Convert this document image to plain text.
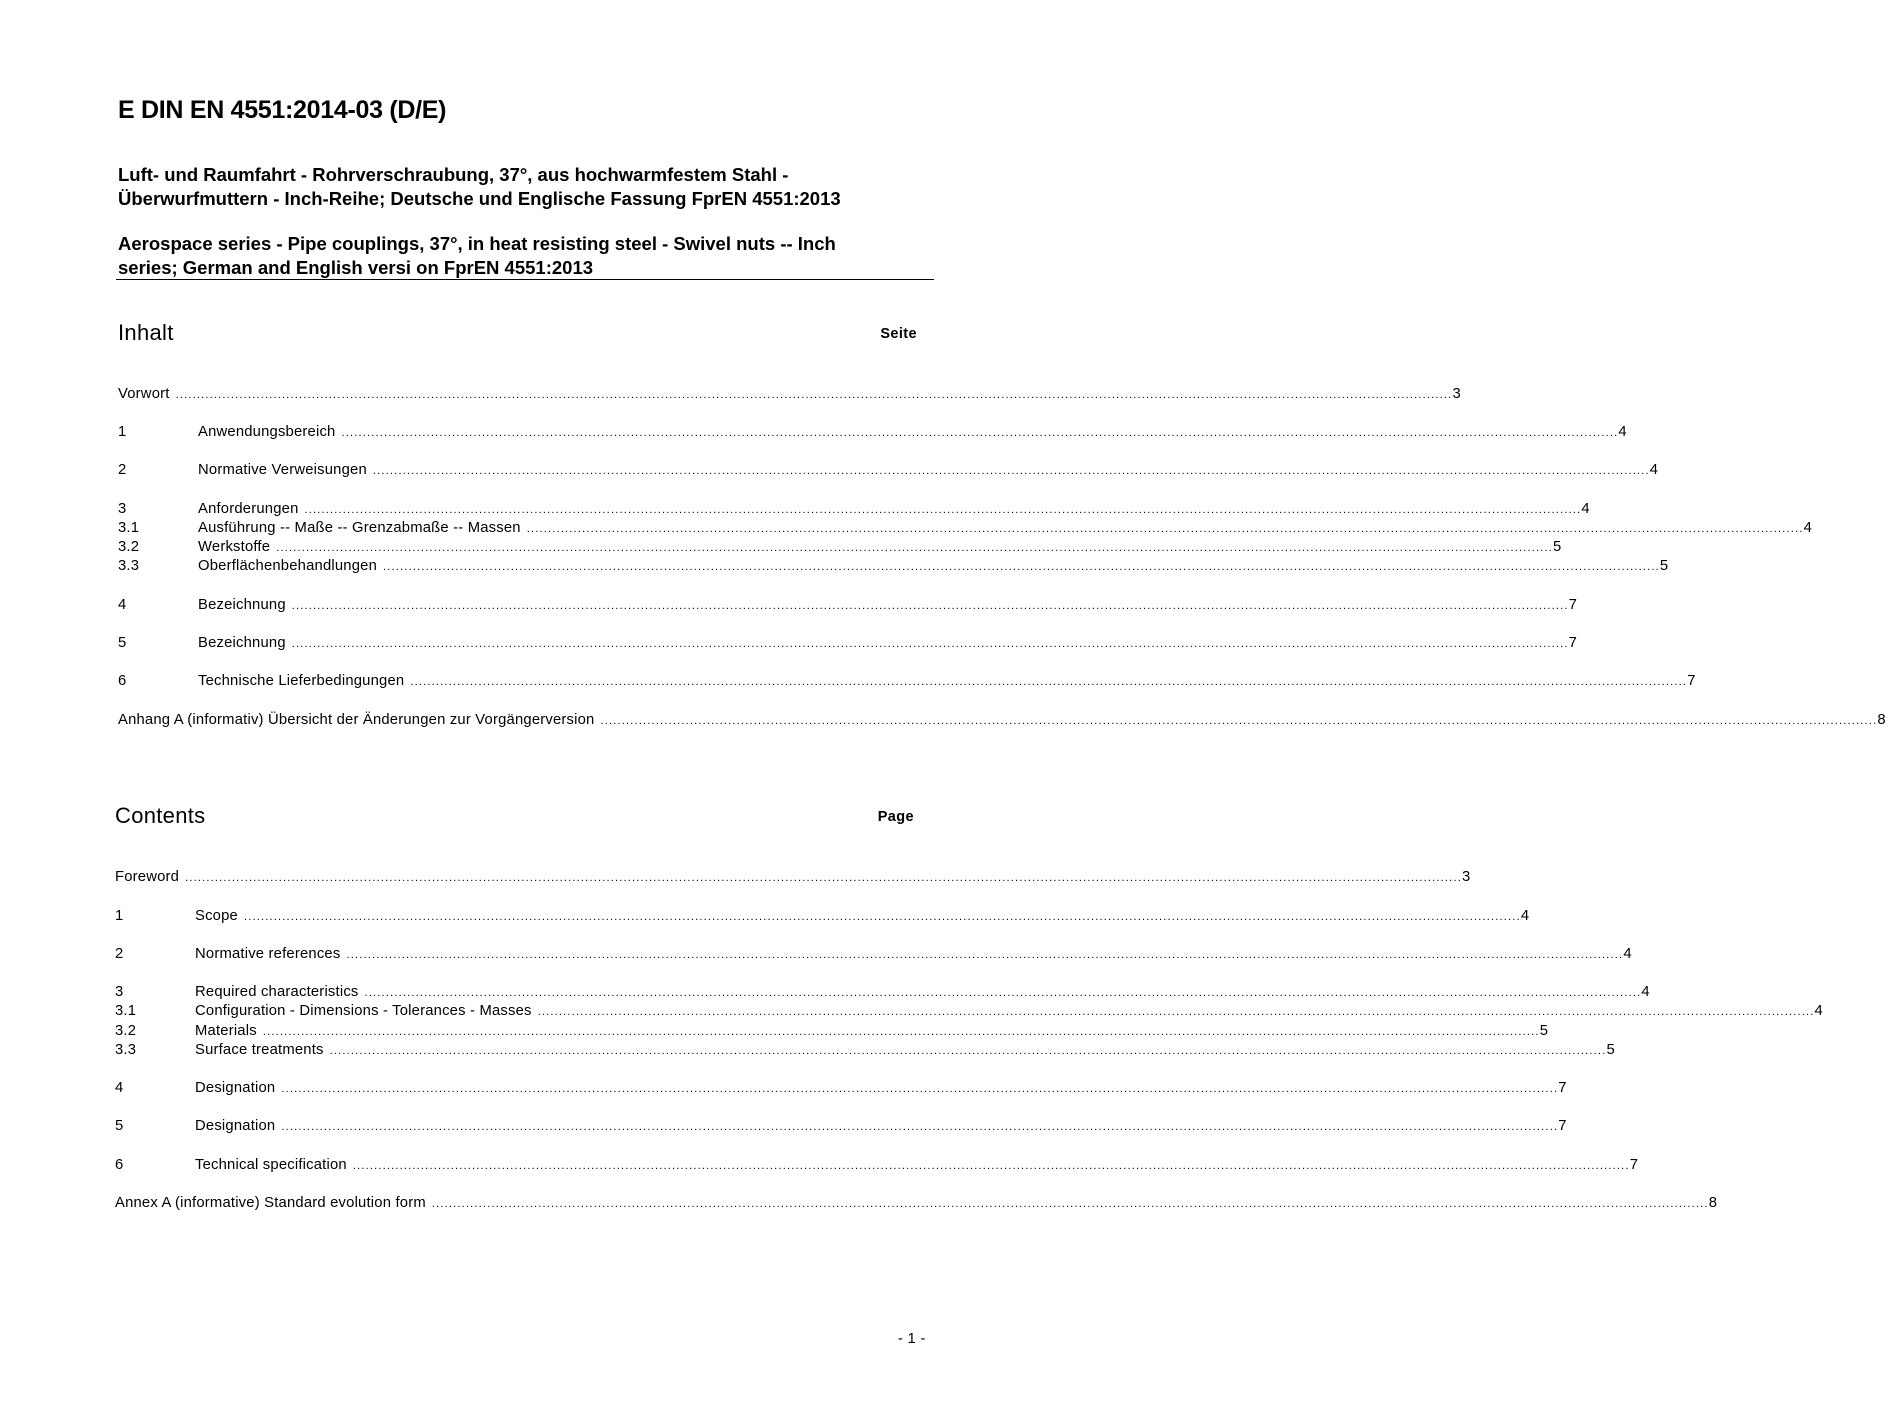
E DIN EN 4551:2014-03 (D/E)
Luft- und Raumfahrt - Rohrverschraubung, 37°, aus hochwarmfestem Stahl -
Überwurfmuttern - Inch-Reihe; Deutsche und Englische Fassung FprEN 4551:2013
Aerospace series - Pipe couplings, 37°, in heat resisting steel - Swivel nuts -- Inch
series; German and English versi on FprEN 4551:2013
Inhalt	Seite
Vorwort ............................................................................................................................................................................................................................................................................................................ 3
1	Anwendungsbereich ............................................................................................................................................................................................................................................................................................................ 4
2	Normative Verweisungen ............................................................................................................................................................................................................................................................................................................ 4
3	Anforderungen ............................................................................................................................................................................................................................................................................................................ 4
3.1	Ausführung -- Maße -- Grenzabmaße -- Massen ............................................................................................................................................................................................................................................................................................................ 4
3.2	Werkstoffe ............................................................................................................................................................................................................................................................................................................ 5
3.3	Oberflächenbehandlungen ............................................................................................................................................................................................................................................................................................................ 5
4	Bezeichnung ............................................................................................................................................................................................................................................................................................................ 7
5	Bezeichnung ............................................................................................................................................................................................................................................................................................................ 7
6	Technische Lieferbedingungen ............................................................................................................................................................................................................................................................................................................ 7
Anhang A (informativ) Übersicht der Änderungen zur Vorgängerversion ............................................................................................................................................................................................................................................................................................................ 8
Contents	Page
Foreword ............................................................................................................................................................................................................................................................................................................ 3
1	Scope ............................................................................................................................................................................................................................................................................................................ 4
2	Normative references ............................................................................................................................................................................................................................................................................................................ 4
3	Required characteristics ............................................................................................................................................................................................................................................................................................................ 4
3.1	Configuration - Dimensions - Tolerances - Masses ............................................................................................................................................................................................................................................................................................................ 4
3.2	Materials ............................................................................................................................................................................................................................................................................................................ 5
3.3	Surface treatments ............................................................................................................................................................................................................................................................................................................ 5
4	Designation ............................................................................................................................................................................................................................................................................................................ 7
5	Designation ............................................................................................................................................................................................................................................................................................................ 7
6	Technical specification ............................................................................................................................................................................................................................................................................................................ 7
Annex A (informative) Standard evolution form ............................................................................................................................................................................................................................................................................................................ 8
- 1 -
